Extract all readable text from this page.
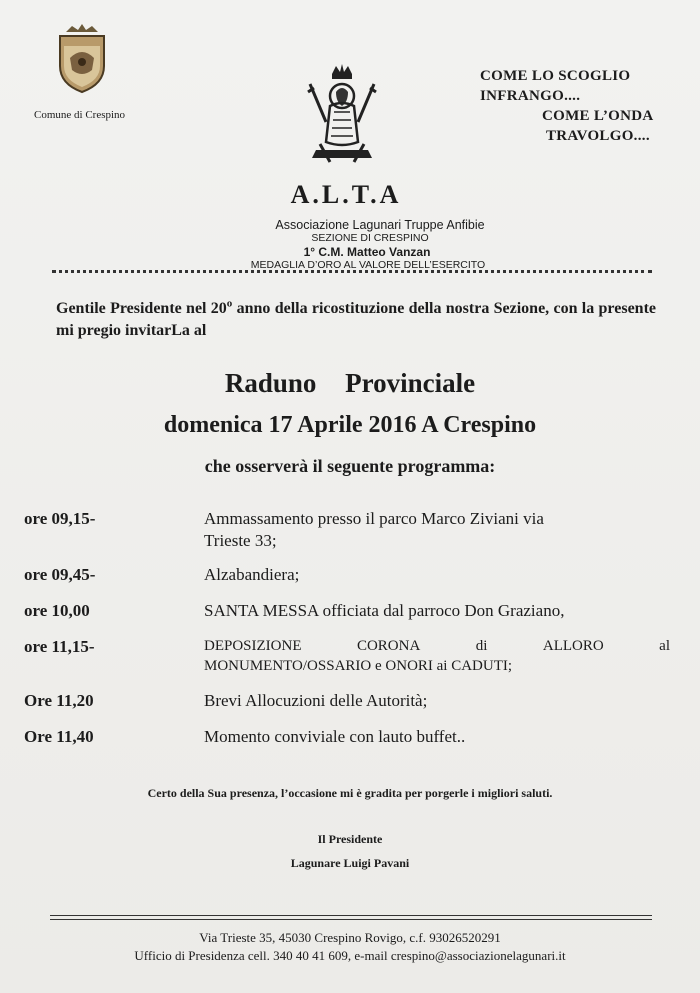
Comune di Crespino
COME LO SCOGLIO
INFRANGO....
COME L’ONDA
TRAVOLGO....
A.L.T.A
Associazione Lagunari Truppe Anfibie
SEZIONE DI CRESPINO
1° C.M. Matteo Vanzan
MEDAGLIA D’ORO AL VALORE DELL’ESERCITO
Gentile Presidente nel 20$^o$ anno della ricostituzione della nostra Sezione, con la presente mi pregio invitarLa al
Raduno Provinciale
domenica 17 Aprile 2016 A Crespino
che osserverà il seguente programma:
ore 09,15-	Ammassamento presso il parco Marco Ziviani via
Trieste 33;
ore 09,45-	Alzabandiera;
ore 10,00	SANTA MESSA officiata dal parroco Don Graziano,
ore 11,15-	DEPOSIZIONE	CORONA	di	ALLORO	al
MONUMENTO/OSSARIO e ONORI ai CADUTI;
Ore 11,20	Brevi Allocuzioni delle Autorità;
Ore 11,40	Momento conviviale con lauto buffet..
Certo della Sua presenza, l’occasione mi è gradita per porgerle i migliori saluti.
Il Presidente
Lagunare Luigi Pavani
Via Trieste 35, 45030 Crespino Rovigo, c.f. 93026520291
Ufficio di Presidenza cell. 340 40 41 609, e-mail crespino@associazionelagunari.it
